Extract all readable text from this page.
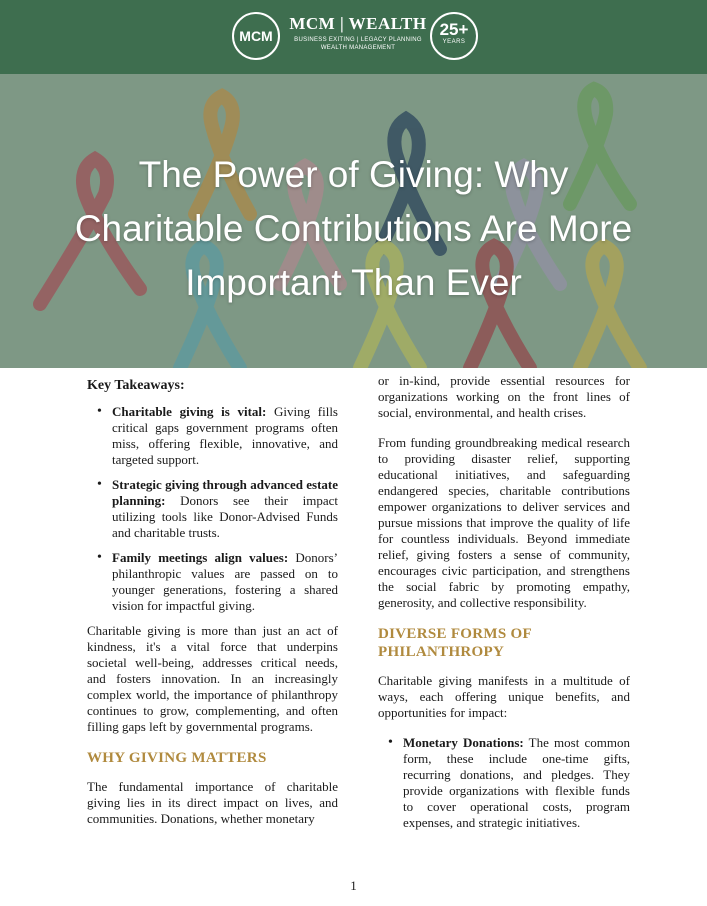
MCM
MCM | WEALTH
BUSINESS EXITING | LEGACY PLANNING WEALTH MANAGEMENT
25+
YEARS
The Power of Giving: Why Charitable Contributions Are More Important Than Ever
Key Takeaways:
• Charitable giving is vital: Giving fills critical gaps government programs often miss, offering flexible, innovative, and targeted support.
• Strategic giving through advanced estate planning: Donors see their impact utilizing tools like Donor-Advised Funds and charitable trusts.
• Family meetings align values: Donors’ philanthropic values are passed on to younger generations, fostering a shared vision for impactful giving.

Charitable giving is more than just an act of kindness, it's a vital force that underpins societal well-being, addresses critical needs, and fosters innovation. In an increasingly complex world, the importance of philanthropy continues to grow, complementing, and often filling gaps left by governmental programs.

WHY GIVING MATTERS

The fundamental importance of charitable giving lies in its direct impact on lives, and communities. Donations, whether monetary

or in-kind, provide essential resources for organizations working on the front lines of social, environmental, and health crises.

From funding groundbreaking medical research to providing disaster relief, supporting educational initiatives, and safeguarding endangered species, charitable contributions empower organizations to deliver services and pursue missions that improve the quality of life for countless individuals. Beyond immediate relief, giving fosters a sense of community, encourages civic participation, and strengthens the social fabric by promoting empathy, generosity, and collective responsibility.

DIVERSE FORMS OF PHILANTHROPY

Charitable giving manifests in a multitude of ways, each offering unique benefits, and opportunities for impact:

• Monetary Donations: The most common form, these include one-time gifts, recurring donations, and pledges. They provide organizations with flexible funds to cover operational costs, program expenses, and strategic initiatives.
1
